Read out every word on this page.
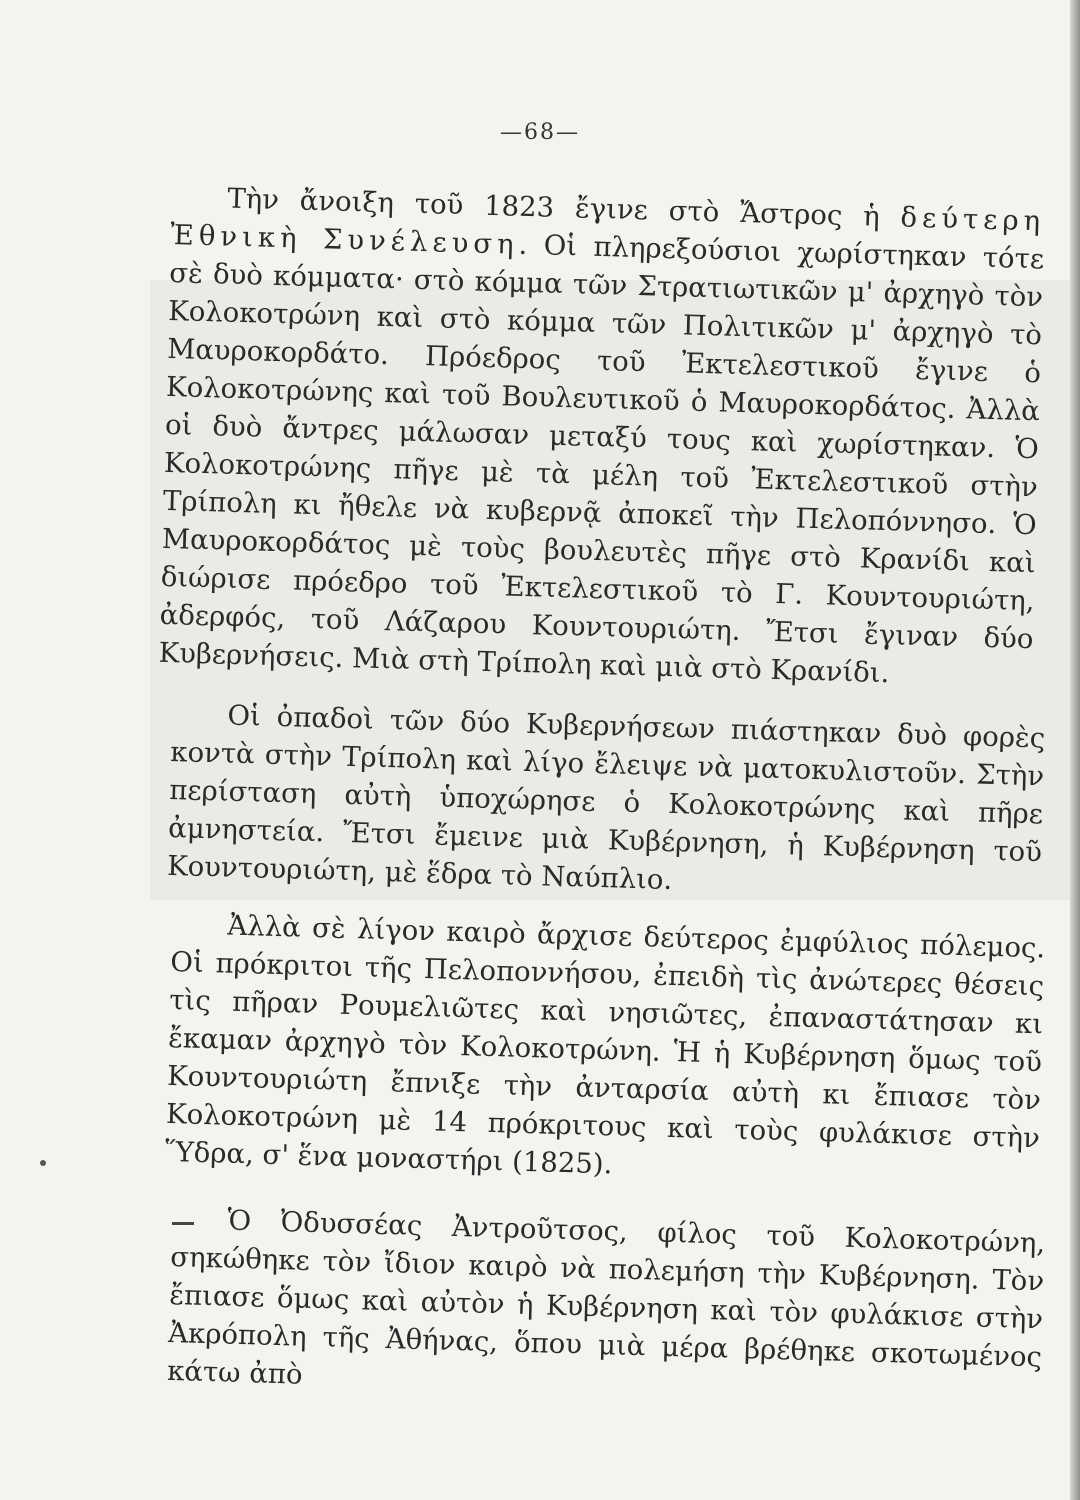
—68—

Τὴν ἄνοιξη τοῦ 1823 ἔγινε στὸ Ἄστρος ἡ δεύτερη Ἐθνικὴ Συνέλευση. Οἱ πληρεξούσιοι χωρίστηκαν τότε σὲ δυὸ κόμματα· στὸ κόμμα τῶν Στρατιωτικῶν μ' ἀρχηγὸ τὸν Κολοκοτρώνη καὶ στὸ κόμμα τῶν Πολιτικῶν μ' ἀρχηγὸ τὸ Μαυροκορδάτο. Πρόεδρος τοῦ Ἐκτελεστικοῦ ἔγινε ὁ Κολοκοτρώνης καὶ τοῦ Βουλευτικοῦ ὁ Μαυροκορδάτος. Ἀλλὰ οἱ δυὸ ἄντρες μάλωσαν μεταξύ τους καὶ χωρίστηκαν. Ὁ Κολοκοτρώνης πῆγε μὲ τὰ μέλη τοῦ Ἐκτελεστικοῦ στὴν Τρίπολη κι ἤθελε νὰ κυβερνᾷ ἀποκεῖ τὴν Πελοπόννησο. Ὁ Μαυροκορδάτος μὲ τοὺς βουλευτὲς πῆγε στὸ Κρανίδι καὶ διώρισε πρόεδρο τοῦ Ἐκτελεστικοῦ τὸ Γ. Κουντουριώτη, ἀδερφός, τοῦ Λάζαρου Κουντουριώτη. Ἔτσι ἔγιναν δύο Κυβερνήσεις. Μιὰ στὴ Τρίπολη καὶ μιὰ στὸ Κρανίδι.

Οἱ ὀπαδοὶ τῶν δύο Κυβερνήσεων πιάστηκαν δυὸ φορὲς κοντὰ στὴν Τρίπολη καὶ λίγο ἔλειψε νὰ ματοκυλιστοῦν. Στὴν περίσταση αὐτὴ ὑποχώρησε ὁ Κολοκοτρώνης καὶ πῆρε ἀμνηστεία. Ἔτσι ἔμεινε μιὰ Κυβέρνηση, ἡ Κυβέρνηση τοῦ Κουντουριώτη, μὲ ἕδρα τὸ Ναύπλιο.

Ἀλλὰ σὲ λίγον καιρὸ ἄρχισε δεύτερος ἐμφύλιος πόλεμος. Οἱ πρόκριτοι τῆς Πελοποννήσου, ἐπειδὴ τὶς ἀνώτερες θέσεις τὶς πῆραν Ρουμελιῶτες καὶ νησιῶτες, ἐπαναστάτησαν κι ἔκαμαν ἀρχηγὸ τὸν Κολοκοτρώνη. Ἡ ἡ Κυβέρνηση ὅμως τοῦ Κουντουριώτη ἔπνιξε τὴν ἀνταρσία αὐτὴ κι ἔπιασε τὸν Κολοκοτρώνη μὲ 14 πρόκριτους καὶ τοὺς φυλάκισε στὴν Ὕδρα, σ' ἕνα μοναστήρι (1825).

Ὁ Ὀδυσσέας Ἀντροῦτσος, φίλος τοῦ Κολοκοτρώνη, σηκώθηκε τὸν ἴδιον καιρὸ νὰ πολεμήση τὴν Κυβέρνηση. Τὸν ἔπιασε ὅμως καὶ αὐτὸν ἡ Κυβέρνηση καὶ τὸν φυλάκισε στὴν Ἀκρόπολη τῆς Ἀθήνας, ὅπου μιὰ μέρα βρέθηκε σκοτωμένος κάτω ἀπὸ
